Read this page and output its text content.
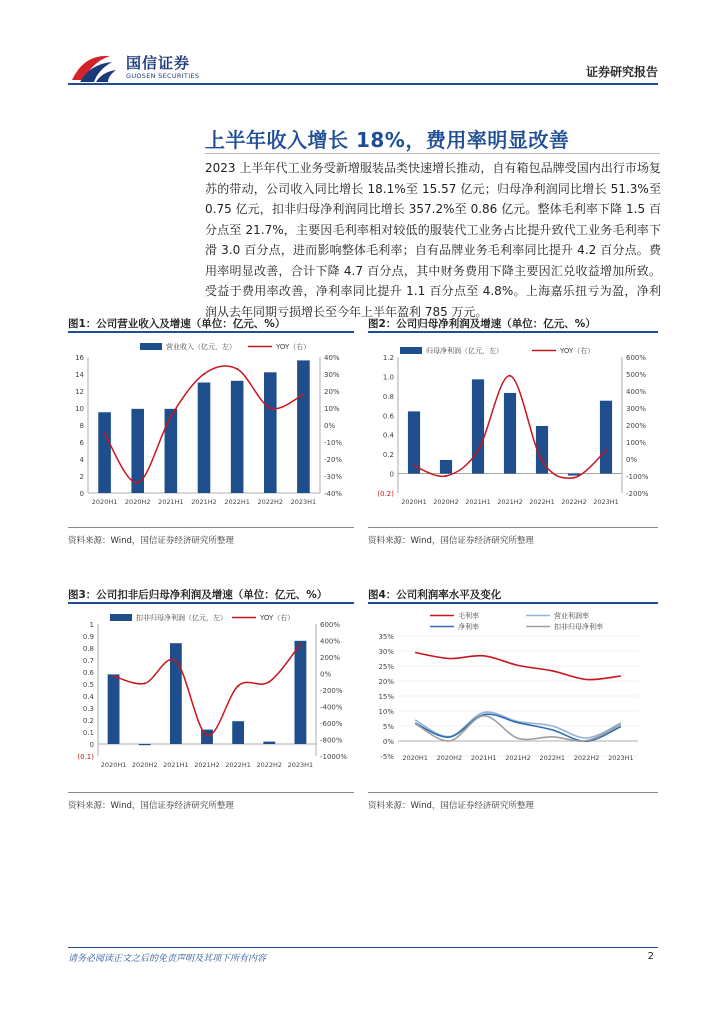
国信证券
GUOSEN SECURITIES	证券研究报告
上半年收入增长 18%，费用率明显改善
2023 上半年代工业务受新增服装品类快速增长推动，自有箱包品牌受国内出行市场复苏的带动，公司收入同比增长 18.1%至 15.57 亿元；归母净利润同比增长 51.3%至 0.75 亿元，扣非归母净利润同比增长 357.2%至 0.86 亿元。整体毛利率下降 1.5 百分点至 21.7%，主要因毛利率相对较低的服装代工业务占比提升致代工业务毛利率下滑 3.0 百分点，进而影响整体毛利率；自有品牌业务毛利率同比提升 4.2 百分点。费用率明显改善，合计下降 4.7 百分点，其中财务费用下降主要因汇兑收益增加所致。受益于费用率改善，净利率同比提升 1.1 百分点至 4.8%。上海嘉乐扭亏为盈，净利润从去年同期亏损增长至今年上半年盈利 785 万元。
图1：公司营业收入及增速（单位：亿元、%）
0
2
4
6
8
10
12
14
16
-40%
-30%
-20%
-10%
0%
10%
20%
30%
40%
2020H1 2020H2 2021H1 2021H2 2022H1 2022H2 2023H1
营业收入（亿元，左）	YOY（右）
资料来源：Wind，国信证券经济研究所整理
图2：公司归母净利润及增速（单位：亿元、%）
(0.2)
0
0.2
0.4
0.6
0.8
1.0
1.2
-200%
-100%
0%
100%
200%
300%
400%
500%
600%
2020H1 2020H2 2021H1 2021H2 2022H1 2022H2 2023H1
归母净利润（亿元，左）	YOY（右）
资料来源：Wind，国信证券经济研究所整理
图3：公司扣非后归母净利润及增速（单位：亿元、%）
(0.1)
0
0.1
0.2
0.3
0.4
0.5
0.6
0.7
0.8
0.9
1
-1000%
-800%
-600%
-400%
-200%
0%
200%
400%
600%
2020H1 2020H2 2021H1 2021H2 2022H1 2022H2 2023H1
扣非归母净利润（亿元，左）	YOY（右）
资料来源：Wind，国信证券经济研究所整理
图4：公司利润率水平及变化
-5%
0%
5%
10%
15%
20%
25%
30%
35%
2020H1 2020H2 2021H1 2021H2 2022H1 2022H2 2023H1
毛利率	营业利润率
净利率	扣非归母净利率
资料来源：Wind，国信证券经济研究所整理
请务必阅读正文之后的免责声明及其项下所有内容	2
